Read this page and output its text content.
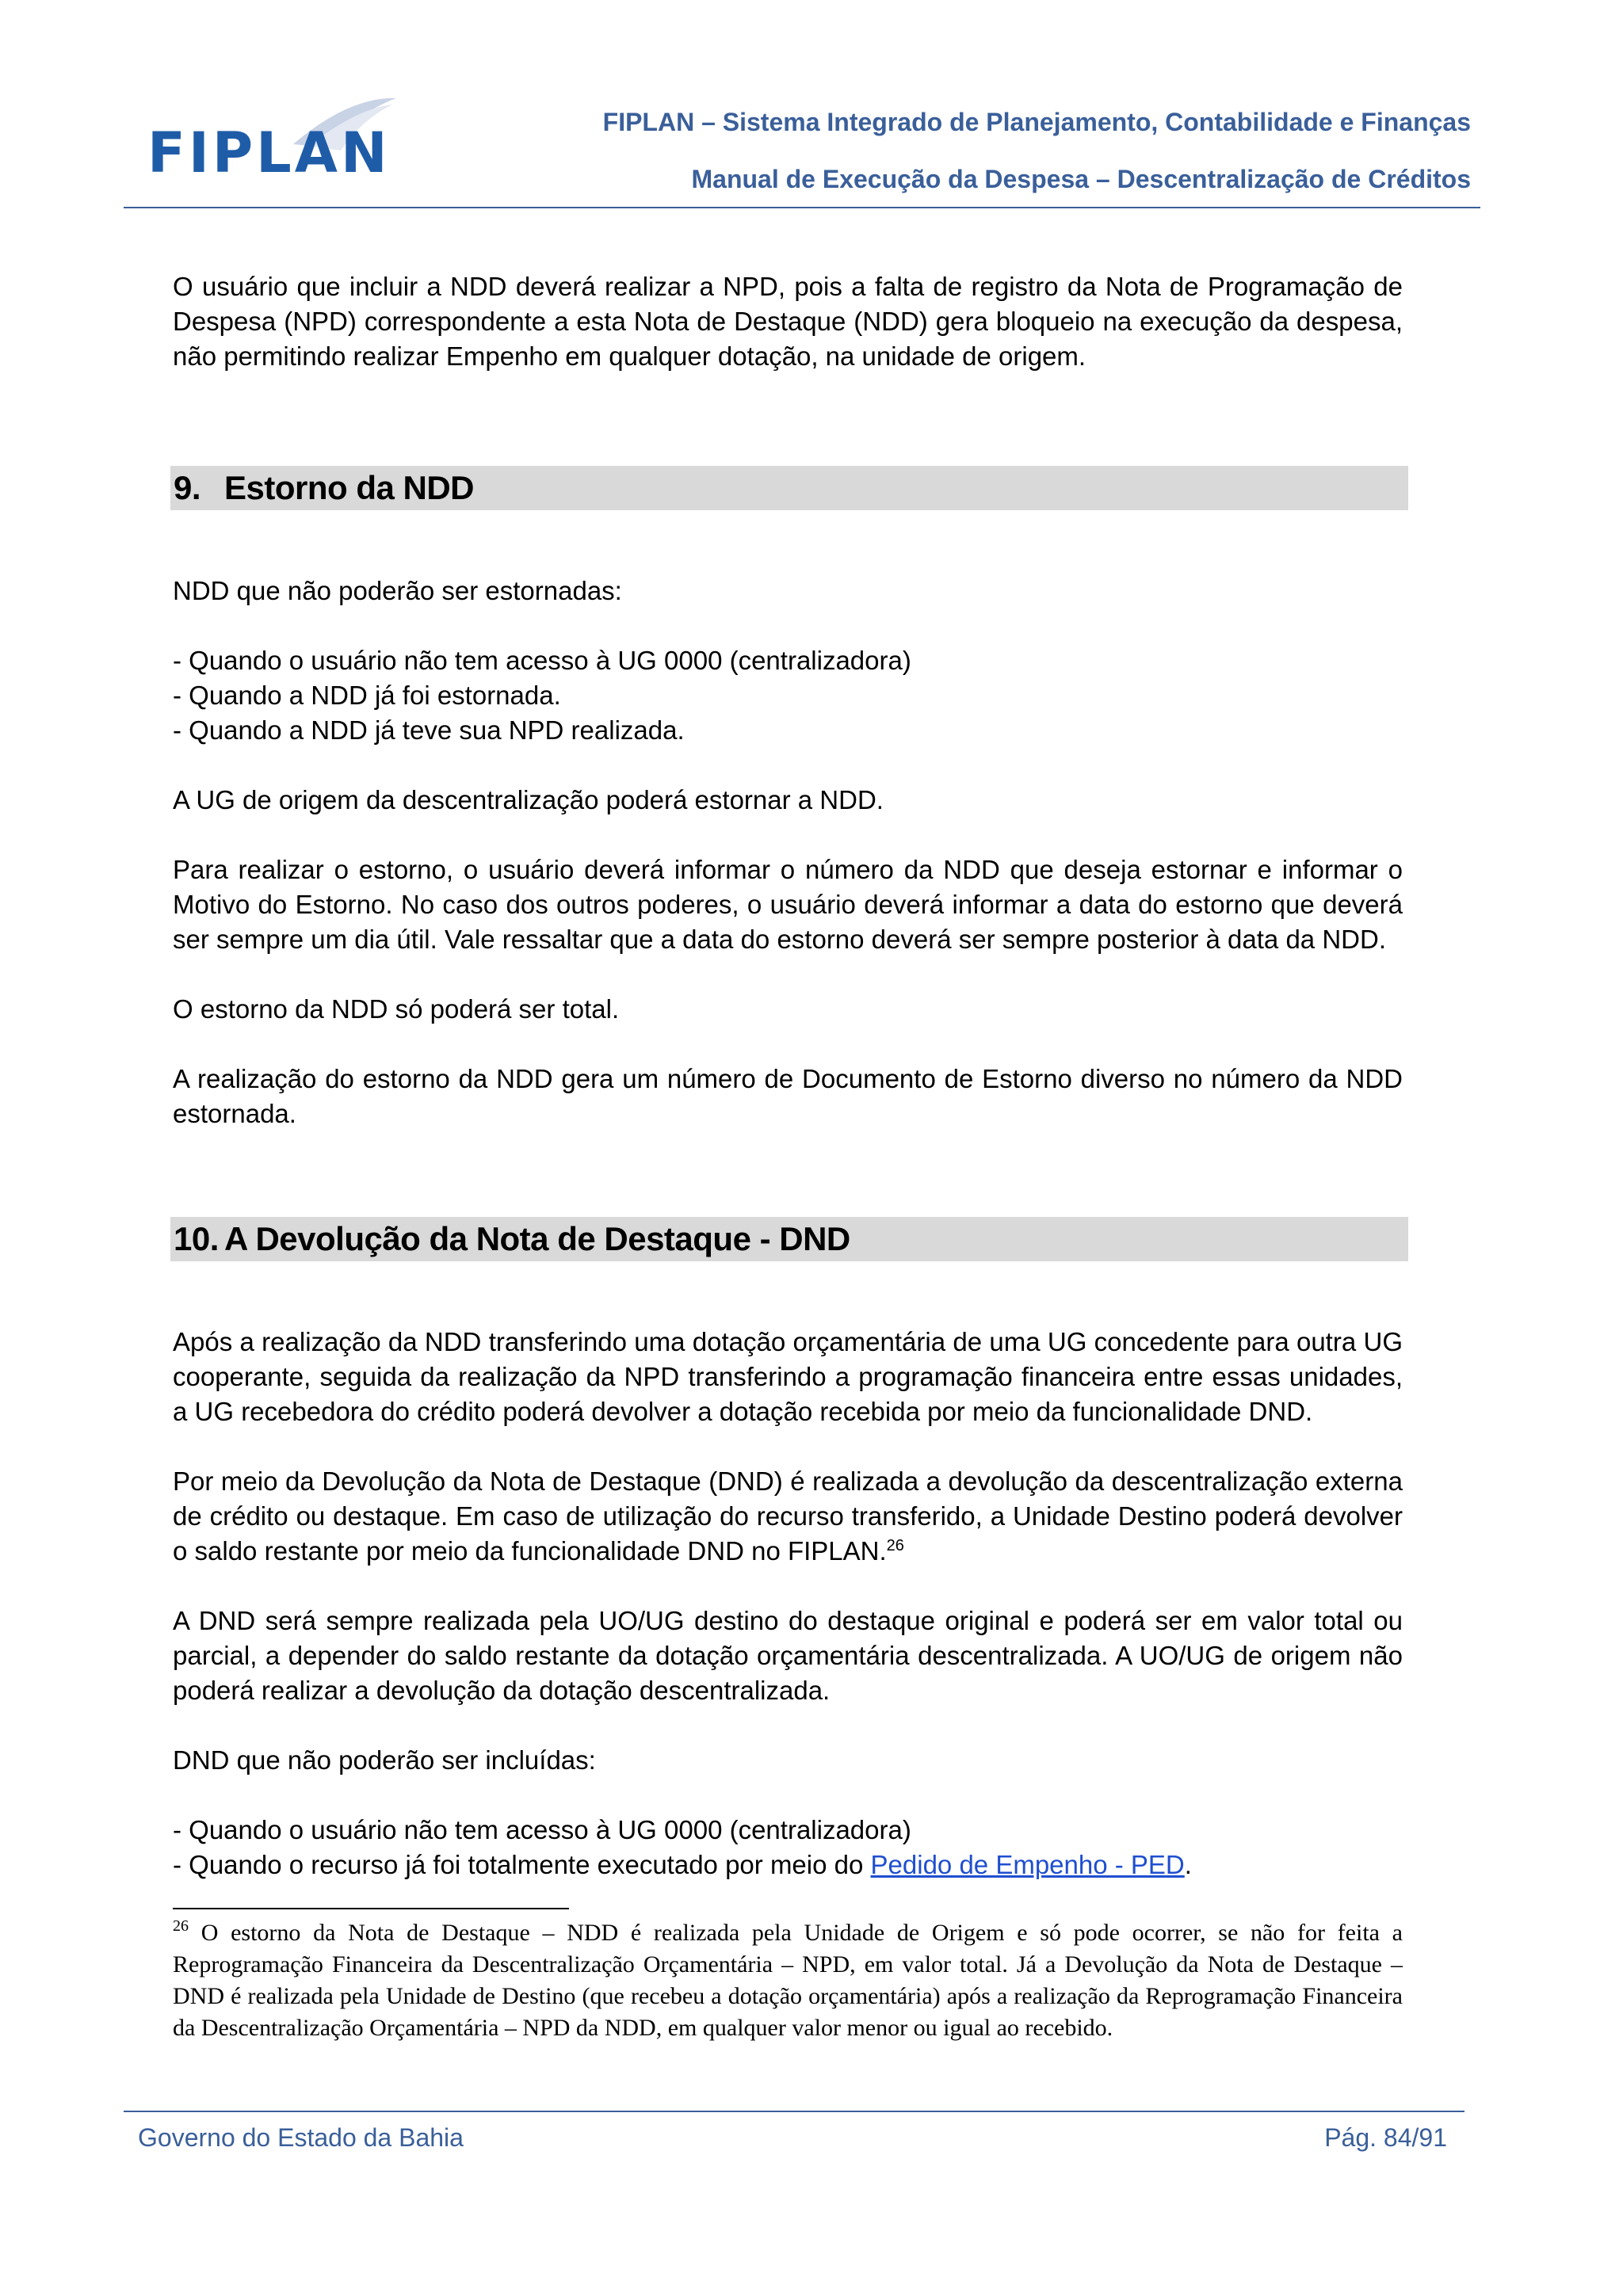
FIPLAN	FIPLAN – Sistema Integrado de Planejamento, Contabilidade e Finanças
Manual de Execução da Despesa – Descentralização de Créditos

O usuário que incluir a NDD deverá realizar a NPD, pois a falta de registro da Nota de Programação de Despesa (NPD) correspondente a esta Nota de Destaque (NDD) gera bloqueio na execução da despesa, não permitindo realizar Empenho em qualquer dotação, na unidade de origem.

9. Estorno da NDD

NDD que não poderão ser estornadas:

- Quando o usuário não tem acesso à UG 0000 (centralizadora)

- Quando a NDD já foi estornada.

- Quando a NDD já teve sua NPD realizada.

A UG de origem da descentralização poderá estornar a NDD.

Para realizar o estorno, o usuário deverá informar o número da NDD que deseja estornar e informar o Motivo do Estorno. No caso dos outros poderes, o usuário deverá informar a data do estorno que deverá ser sempre um dia útil. Vale ressaltar que a data do estorno deverá ser sempre posterior à data da NDD.

O estorno da NDD só poderá ser total.

A realização do estorno da NDD gera um número de Documento de Estorno diverso no número da NDD estornada.

10. A Devolução da Nota de Destaque - DND

Após a realização da NDD transferindo uma dotação orçamentária de uma UG concedente para outra UG cooperante, seguida da realização da NPD transferindo a programação financeira entre essas unidades, a UG recebedora do crédito poderá devolver a dotação recebida por meio da funcionalidade DND.

Por meio da Devolução da Nota de Destaque (DND) é realizada a devolução da descentralização externa de crédito ou destaque. Em caso de utilização do recurso transferido, a Unidade Destino poderá devolver o saldo restante por meio da funcionalidade DND no FIPLAN.$^{26}$

A DND será sempre realizada pela UO/UG destino do destaque original e poderá ser em valor total ou parcial, a depender do saldo restante da dotação orçamentária descentralizada. A UO/UG de origem não poderá realizar a devolução da dotação descentralizada.

DND que não poderão ser incluídas:

- Quando o usuário não tem acesso à UG 0000 (centralizadora)

- Quando o recurso já foi totalmente executado por meio do Pedido de Empenho - PED.

$^{26}$ O estorno da Nota de Destaque – NDD é realizada pela Unidade de Origem e só pode ocorrer, se não for feita a Reprogramação Financeira da Descentralização Orçamentária – NPD, em valor total. Já a Devolução da Nota de Destaque – DND é realizada pela Unidade de Destino (que recebeu a dotação orçamentária) após a realização da Reprogramação Financeira da Descentralização Orçamentária – NPD da NDD, em qualquer valor menor ou igual ao recebido.

Governo do Estado da Bahia	Pág. 84/91
